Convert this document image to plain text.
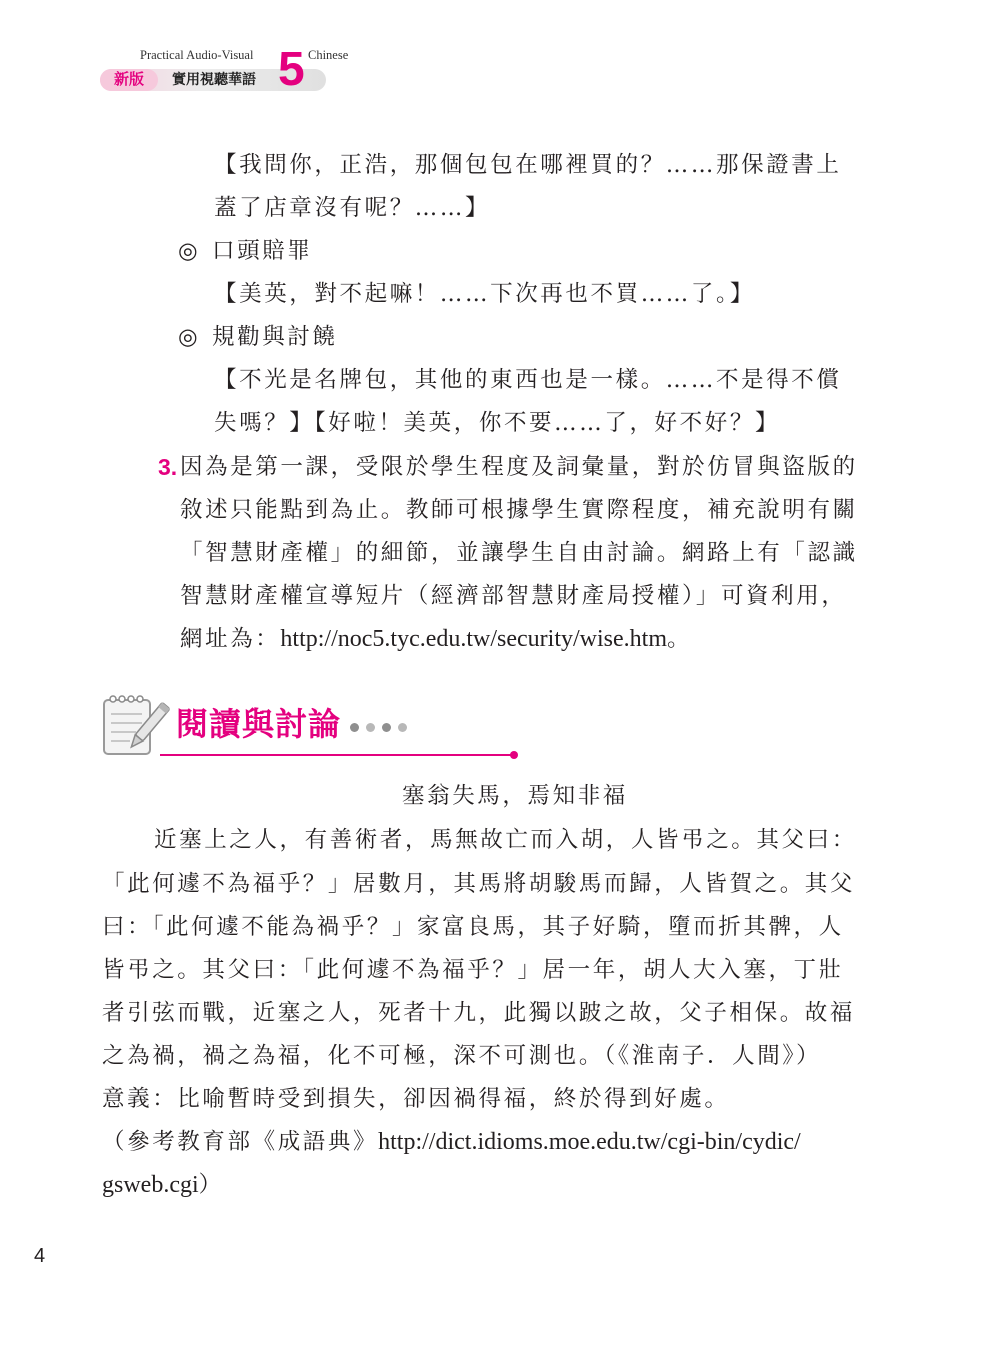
新版
Practical Audio-Visual
實用視聽華語 5 Chinese
【我問你，正浩，那個包包在哪裡買的？……那保證書上
蓋了店章沒有呢？……】
◎ 口頭賠罪
【美英，對不起嘛！……下次再也不買……了。】
◎ 規勸與討饒
【不光是名牌包，其他的東西也是一樣。……不是得不償
失嗎？】【好啦！美英，你不要……了，好不好？】
3. 因為是第一課，受限於學生程度及詞彙量，對於仿冒與盜版的
敘述只能點到為止。教師可根據學生實際程度，補充說明有關
「智慧財產權」的細節，並讓學生自由討論。網路上有「認識
智慧財產權宣導短片（經濟部智慧財產局授權）」可資利用，
網址為：http://noc5.tyc.edu.tw/security/wise.htm。
閱讀與討論
塞翁失馬，焉知非福
近塞上之人，有善術者，馬無故亡而入胡，人皆弔之。其父曰：
「此何遽不為福乎？」居數月，其馬將胡駿馬而歸，人皆賀之。其父
曰：「此何遽不能為禍乎？」家富良馬，其子好騎，墮而折其髀，人
皆弔之。其父曰：「此何遽不為福乎？」居一年，胡人大入塞，丁壯
者引弦而戰，近塞之人，死者十九，此獨以跛之故，父子相保。故福
之為禍，禍之為福，化不可極，深不可測也。（《淮南子．人間》）
意義：比喻暫時受到損失，卻因禍得福，終於得到好處。
（參考教育部《成語典》http://dict.idioms.moe.edu.tw/cgi-bin/cydic/
gsweb.cgi）
4
